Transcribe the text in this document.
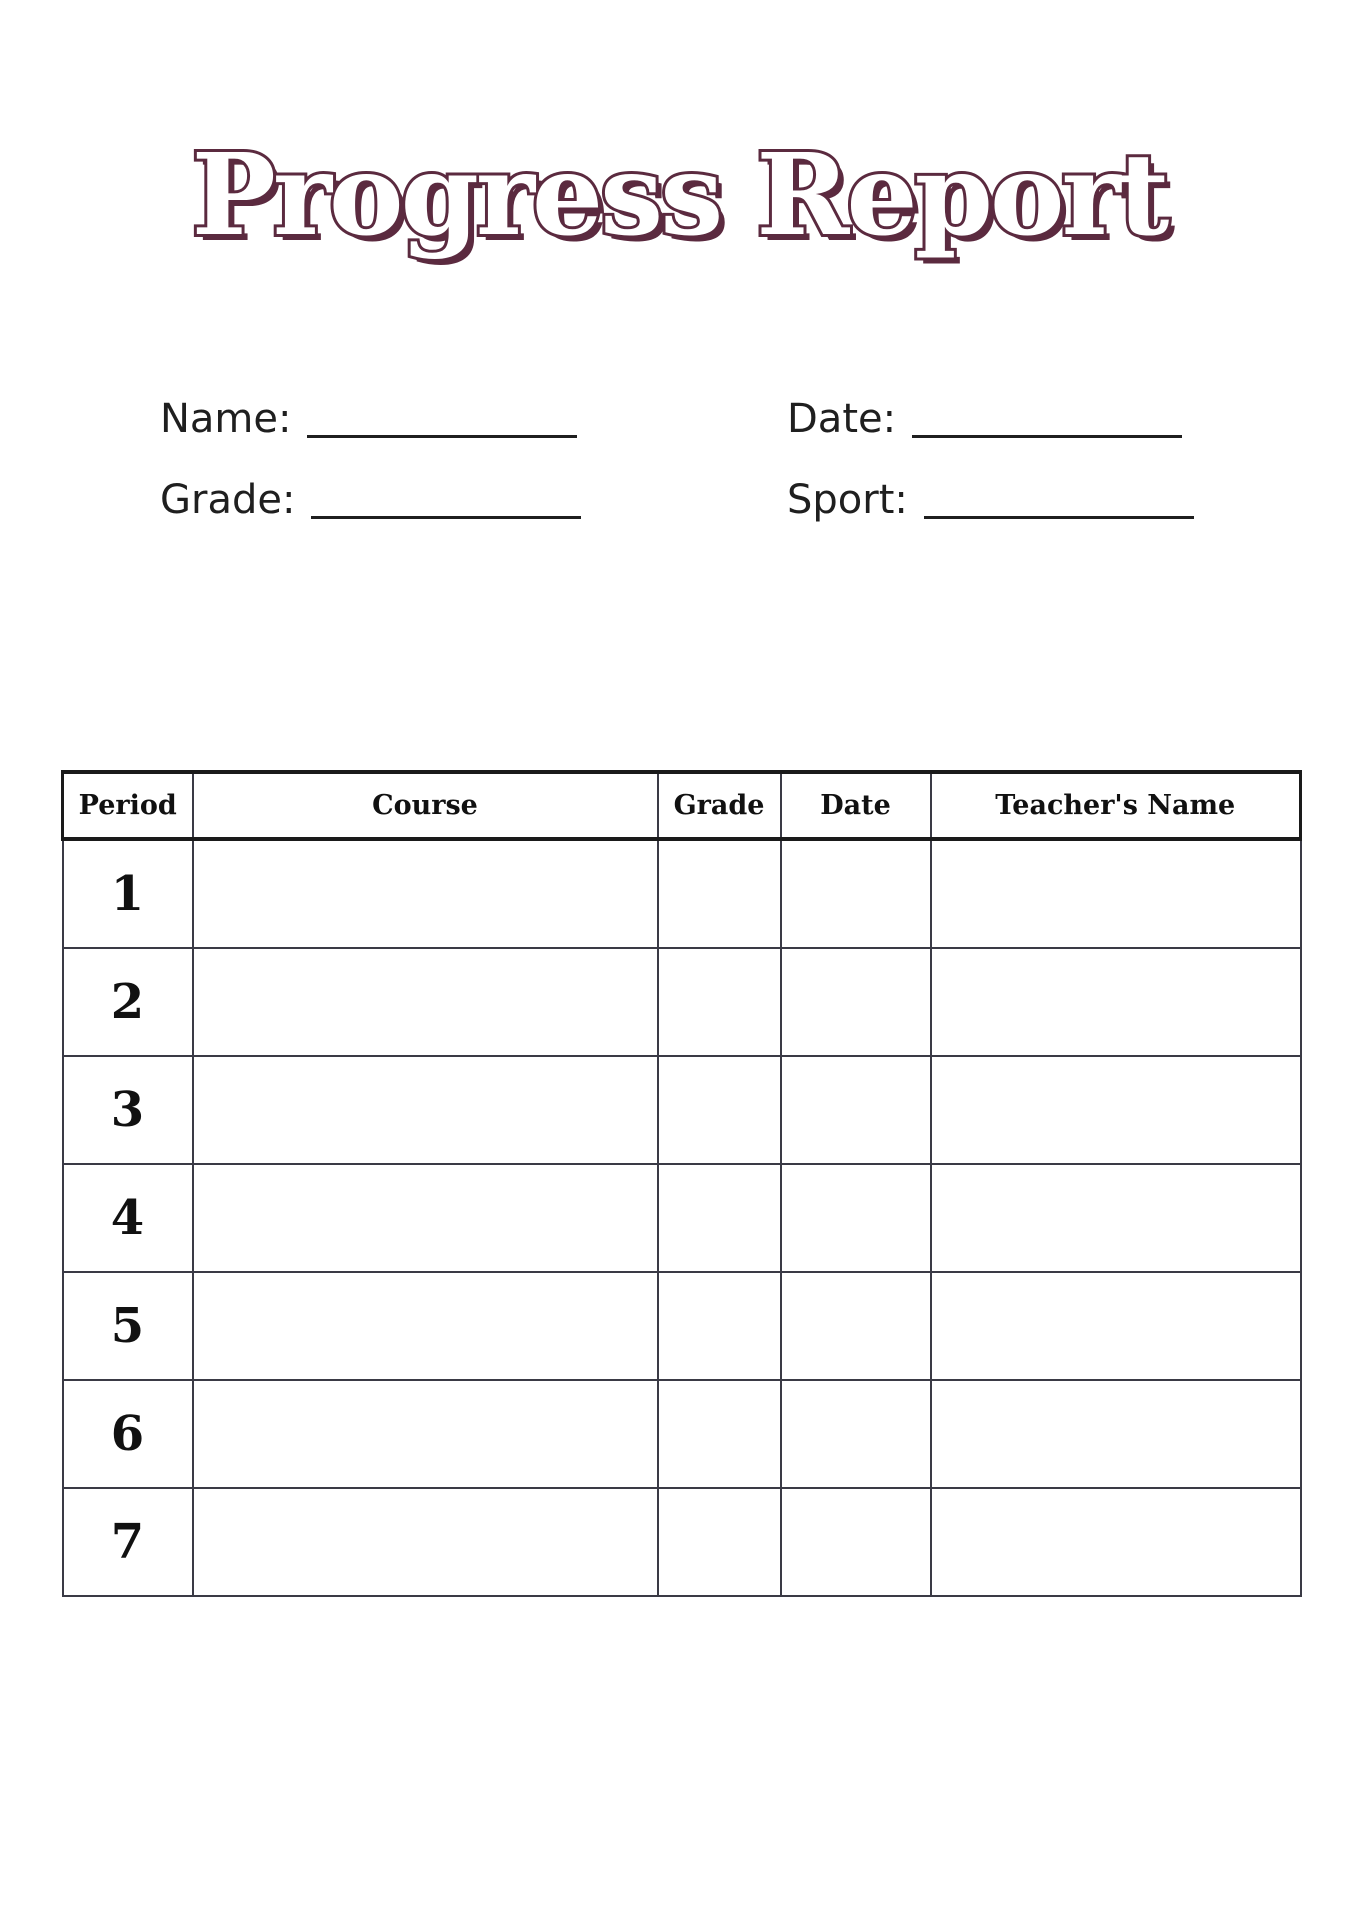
Progress Report
Name:	Date:
Grade:	Sport:
Period	Course	Grade	Date	Teacher's Name
1				
2				
3				
4				
5				
6				
7				
